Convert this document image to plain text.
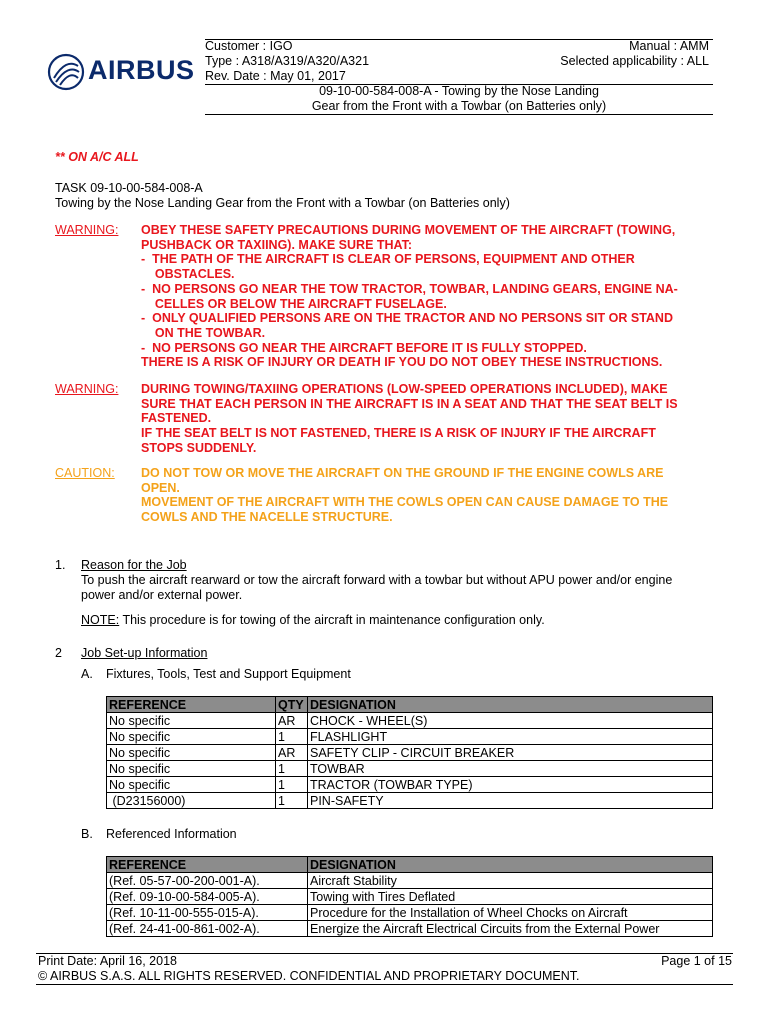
AIRBUS
Customer : IGO	Manual : AMM
Type : A318/A319/A320/A321	Selected applicability : ALL
Rev. Date : May 01, 2017
09-10-00-584-008-A - Towing by the Nose Landing
Gear from the Front with a Towbar (on Batteries only)
** ON A/C ALL
TASK 09-10-00-584-008-A
Towing by the Nose Landing Gear from the Front with a Towbar (on Batteries only)
WARNING: OBEY THESE SAFETY PRECAUTIONS DURING MOVEMENT OF THE AIRCRAFT (TOWING,
PUSHBACK OR TAXIING). MAKE SURE THAT:
-  THE PATH OF THE AIRCRAFT IS CLEAR OF PERSONS, EQUIPMENT AND OTHER
OBSTACLES.
-  NO PERSONS GO NEAR THE TOW TRACTOR, TOWBAR, LANDING GEARS, ENGINE NA-
CELLES OR BELOW THE AIRCRAFT FUSELAGE.
-  ONLY QUALIFIED PERSONS ARE ON THE TRACTOR AND NO PERSONS SIT OR STAND
ON THE TOWBAR.
-  NO PERSONS GO NEAR THE AIRCRAFT BEFORE IT IS FULLY STOPPED.
THERE IS A RISK OF INJURY OR DEATH IF YOU DO NOT OBEY THESE INSTRUCTIONS.
WARNING: DURING TOWING/TAXIING OPERATIONS (LOW-SPEED OPERATIONS INCLUDED), MAKE
SURE THAT EACH PERSON IN THE AIRCRAFT IS IN A SEAT AND THAT THE SEAT BELT IS
FASTENED.
IF THE SEAT BELT IS NOT FASTENED, THERE IS A RISK OF INJURY IF THE AIRCRAFT
STOPS SUDDENLY.
CAUTION: DO NOT TOW OR MOVE THE AIRCRAFT ON THE GROUND IF THE ENGINE COWLS ARE
OPEN.
MOVEMENT OF THE AIRCRAFT WITH THE COWLS OPEN CAN CAUSE DAMAGE TO THE
COWLS AND THE NACELLE STRUCTURE.
1. Reason for the Job
To push the aircraft rearward or tow the aircraft forward with a towbar but without APU power and/or engine
power and/or external power.
NOTE: This procedure is for towing of the aircraft in maintenance configuration only.
2 Job Set-up Information
A. Fixtures, Tools, Test and Support Equipment
REFERENCE	QTY	DESIGNATION
No specific	AR	CHOCK - WHEEL(S)
No specific	1	FLASHLIGHT
No specific	AR	SAFETY CLIP - CIRCUIT BREAKER
No specific	1	TOWBAR
No specific	1	TRACTOR (TOWBAR TYPE)
(D23156000)	1	PIN-SAFETY
B. Referenced Information
REFERENCE	DESIGNATION
(Ref. 05-57-00-200-001-A).	Aircraft Stability
(Ref. 09-10-00-584-005-A).	Towing with Tires Deflated
(Ref. 10-11-00-555-015-A).	Procedure for the Installation of Wheel Chocks on Aircraft
(Ref. 24-41-00-861-002-A).	Energize the Aircraft Electrical Circuits from the External Power
Print Date: April 16, 2018	Page 1 of 15
© AIRBUS S.A.S. ALL RIGHTS RESERVED. CONFIDENTIAL AND PROPRIETARY DOCUMENT.
